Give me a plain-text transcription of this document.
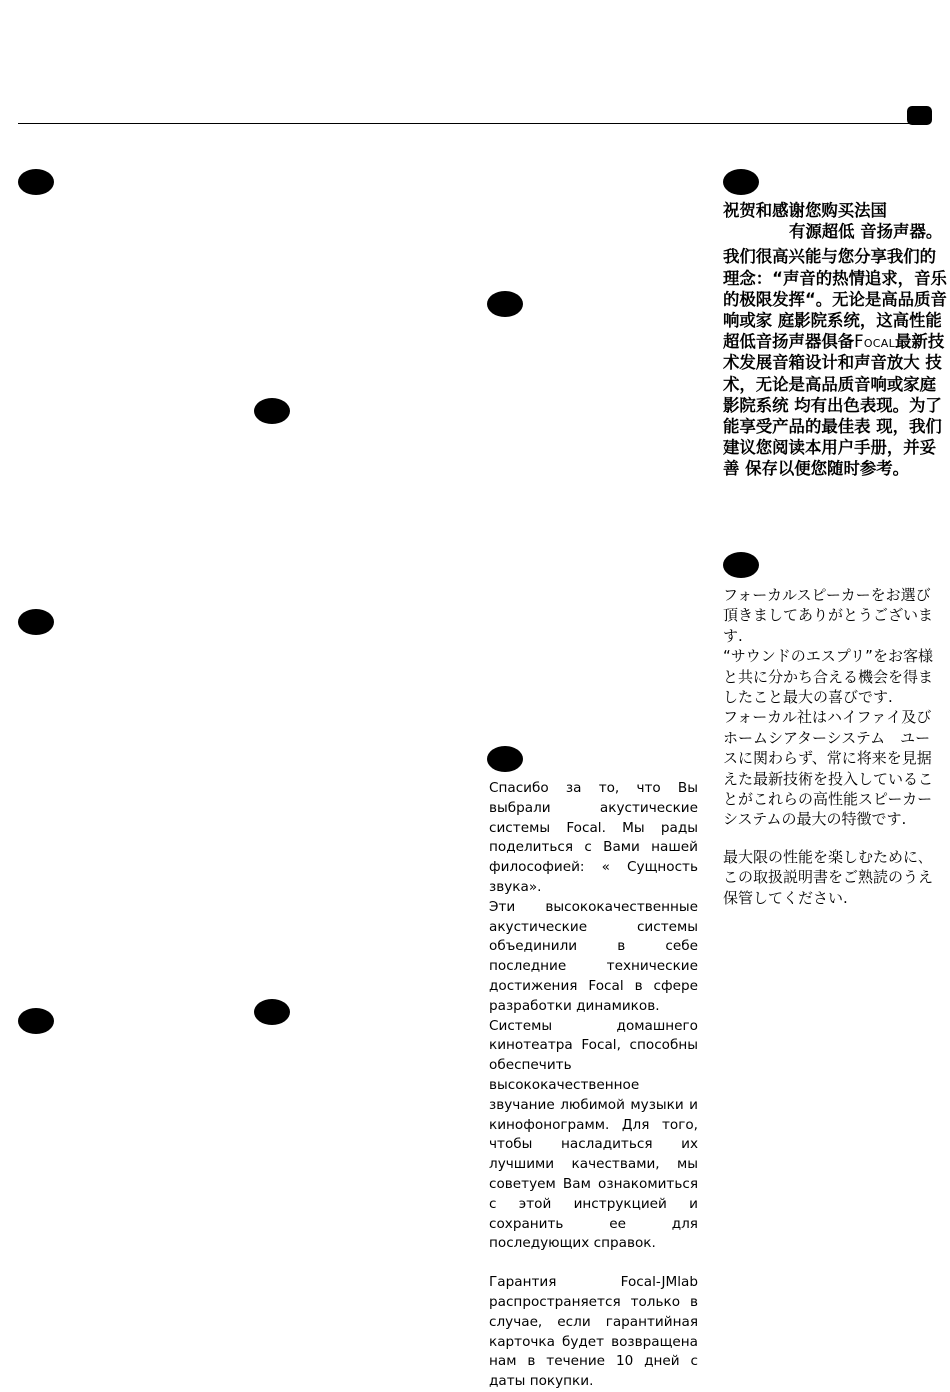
Спасибо за то, что Вы выбрали акустические системы Focal. Мы рады поделиться с Вами нашей философией: « Сущность звука».

Эти высококачественные акустические системы объединили в себе последние технические достижения Focal в сфере разработки динамиков.

Системы домашнего кинотеатра Focal, способны обеспечить высококачественное звучание любимой музыки и кинофонограмм. Для того, чтобы насладиться их лучшими качествами, мы советуем Вам ознакомиться с этой инструкцией и сохранить ее для последующих справок.

Гарантия Focal-JMlab распространяется только в случае, если гарантийная карточка будет возвращена нам в течение 10 дней с даты покупки.

祝贺和感谢您购买法国

有源超低 音扬声器。

我们很高兴能与您分享我们的理念：“声音的热情追求，音乐 的极限发挥“。无论是高品质音响或家 庭影院系统，这高性能超低音扬声器俱备Focal最新技术发展音箱设计和声音放大 技术，无论是高品质音响或家庭影院系统 均有出色表现。为了能享受产品的最佳表 现，我们建议您阅读本用户手册，并妥善 保存以便您随时参考。

フォーカルスピーカーをお選び頂きましてありがとうございます.

“サウンドのエスプリ”をお客様と共に分かち合える機会を得ましたこと最大の喜びです.

フォーカル社はハイファイ及びホームシアターシステム　ユースに関わらず、常に将来を見据えた最新技術を投入していることがこれらの高性能スピーカーシステムの最大の特徴です.

最大限の性能を楽しむために､この取扱説明書をご熟読のうえ保管してください.
